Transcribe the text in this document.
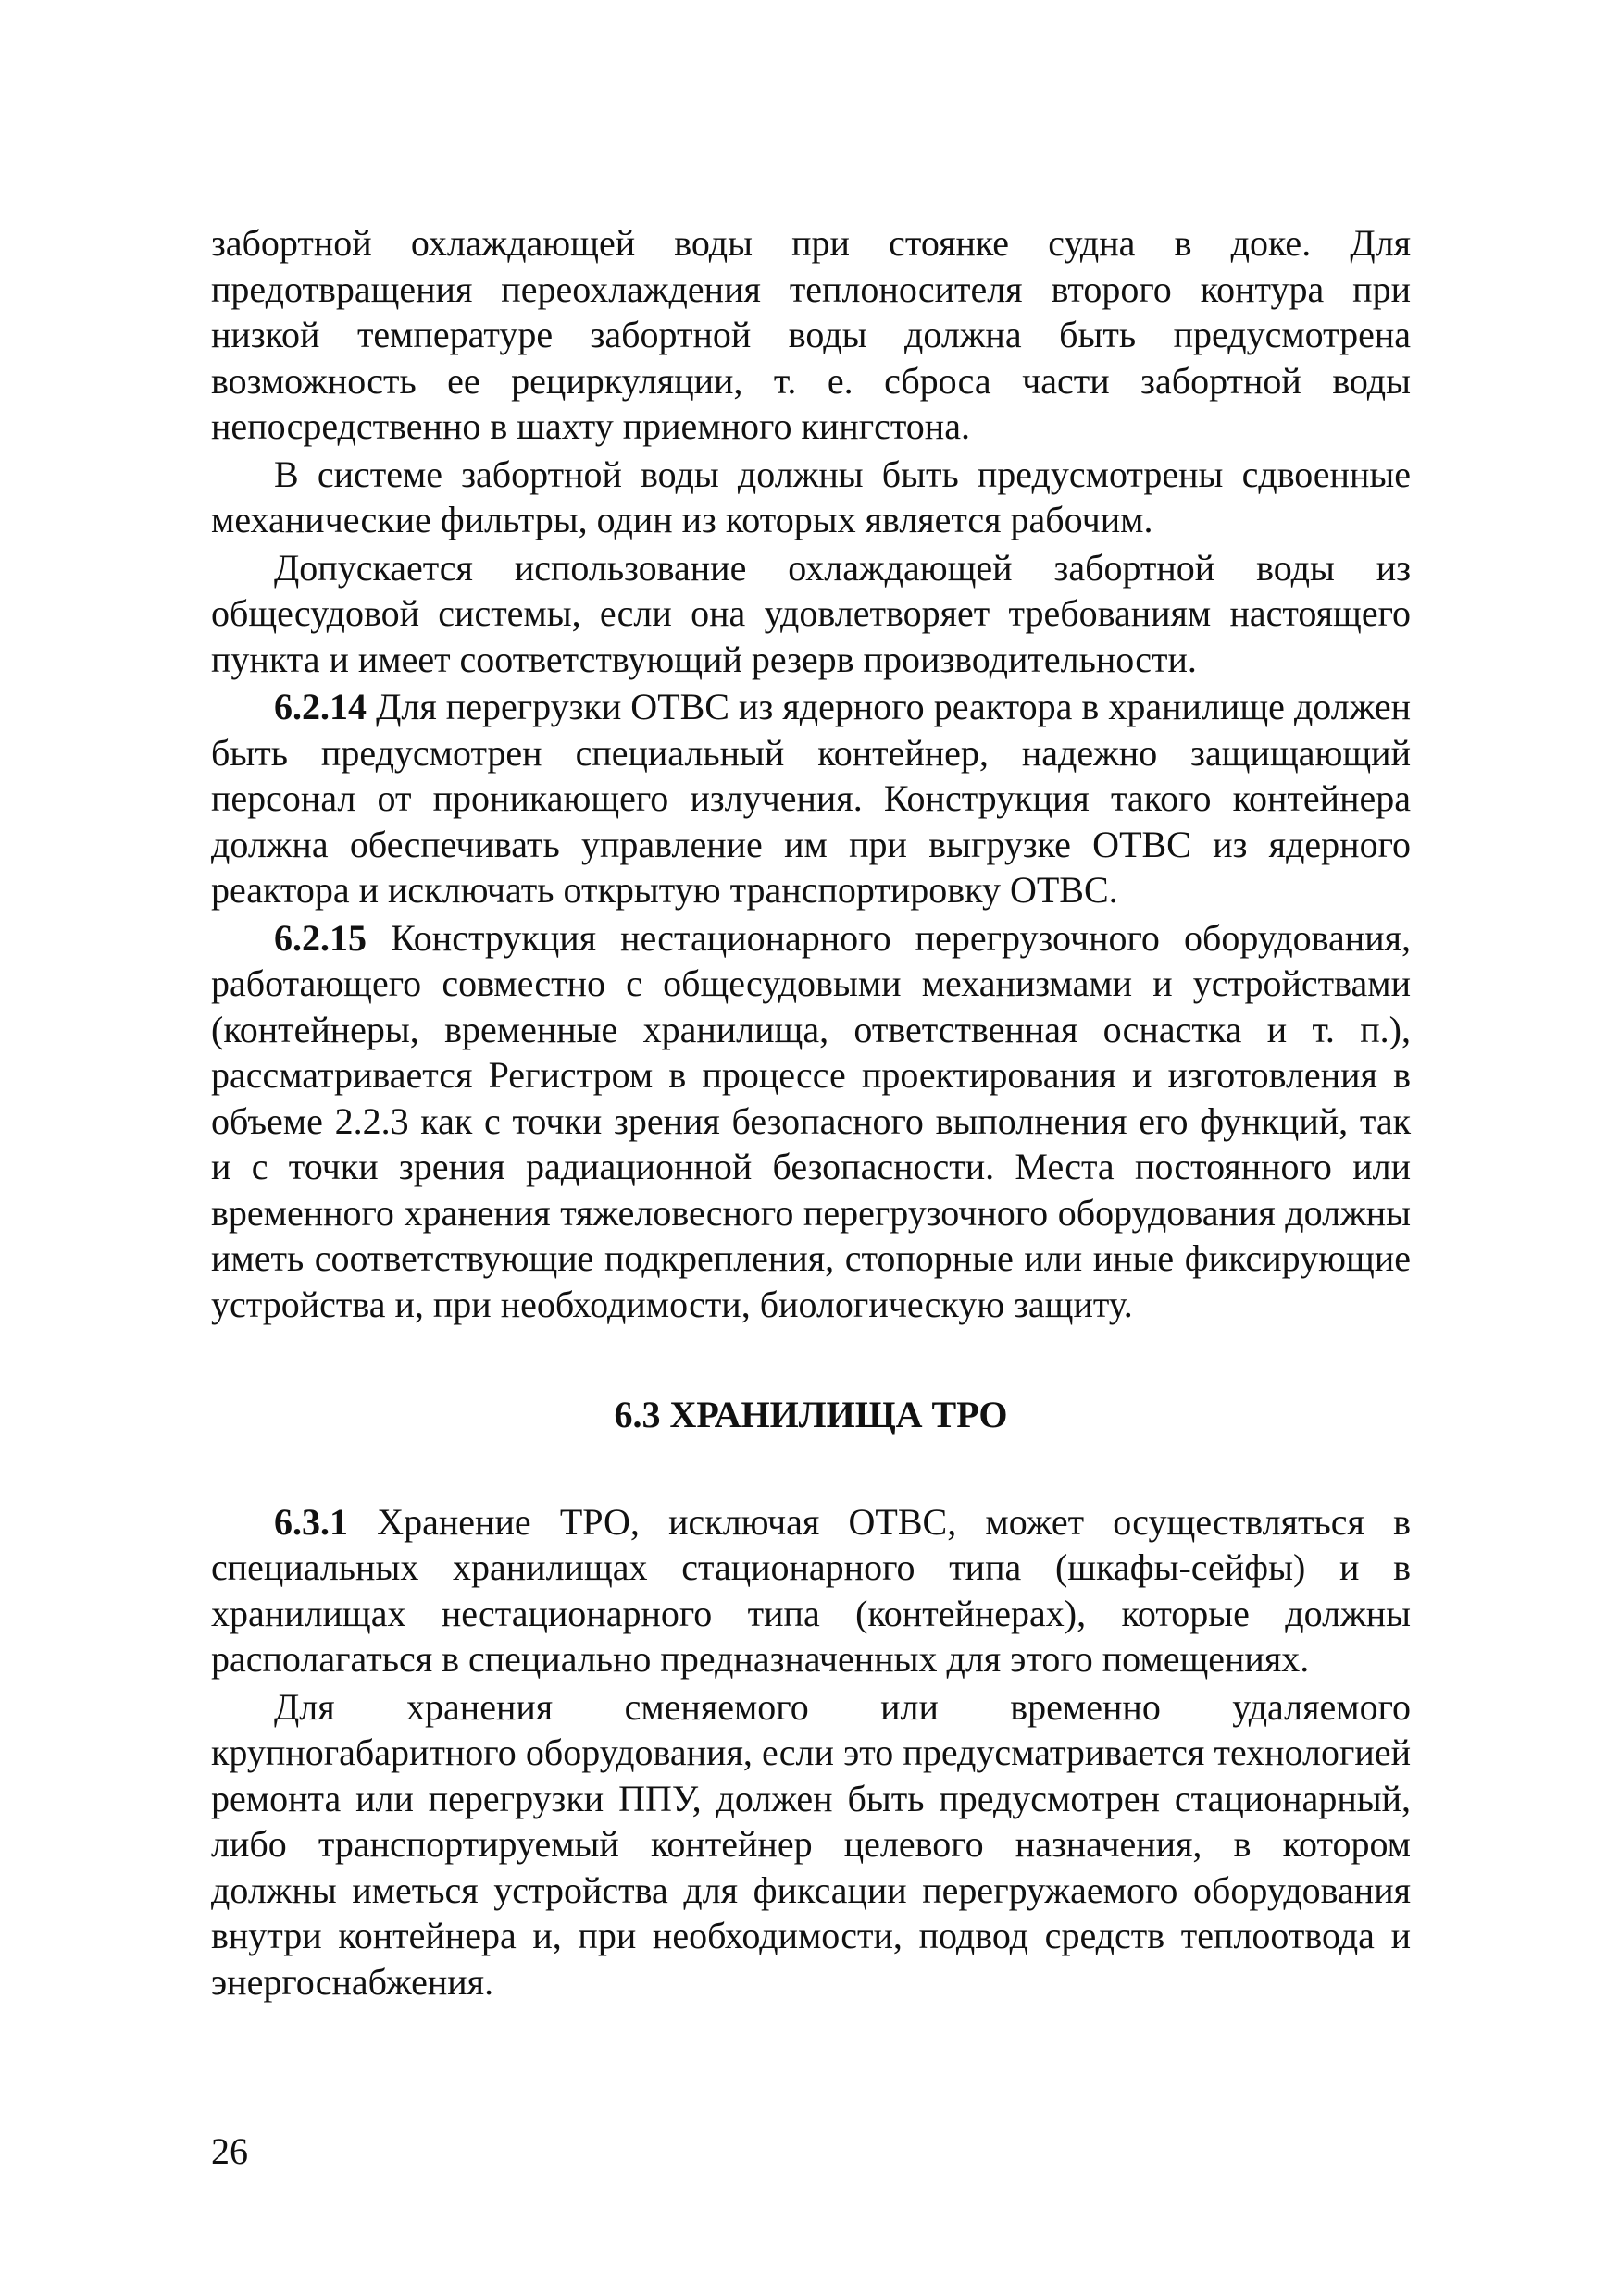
забортной охлаждающей воды при стоянке судна в доке. Для предотвращения переохлаждения теплоносителя второго контура при низкой температуре забортной воды должна быть предусмотрена возможность ее рециркуляции, т. е. сброса части забортной воды непосредственно в шахту приемного кингстона.

В системе забортной воды должны быть предусмотрены сдвоенные механические фильтры, один из которых является рабочим.

Допускается использование охлаждающей забортной воды из общесудовой системы, если она удовлетворяет требованиям настоящего пункта и имеет соответствующий резерв производительности.

6.2.14 Для перегрузки ОТВС из ядерного реактора в хранилище должен быть предусмотрен специальный контейнер, надежно защищающий персонал от проникающего излучения. Конструкция такого контейнера должна обеспечивать управление им при выгрузке ОТВС из ядерного реактора и исключать открытую транспортировку ОТВС.

6.2.15 Конструкция нестационарного перегрузочного оборудования, работающего совместно с общесудовыми механизмами и устройствами (контейнеры, временные хранилища, ответственная оснастка и т. п.), рассматривается Регистром в процессе проектирования и изготовления в объеме 2.2.3 как с точки зрения безопасного выполнения его функций, так и с точки зрения радиационной безопасности. Места постоянного или временного хранения тяжеловесного перегрузочного оборудования должны иметь соответствующие подкрепления, стопорные или иные фиксирующие устройства и, при необходимости, биологическую защиту.

6.3 ХРАНИЛИЩА ТРО

6.3.1 Хранение ТРО, исключая ОТВС, может осуществляться в специальных хранилищах стационарного типа (шкафы-сейфы) и в хранилищах нестационарного типа (контейнерах), которые должны располагаться в специально предназначенных для этого помещениях.

Для хранения сменяемого или временно удаляемого крупногабаритного оборудования, если это предусматривается технологией ремонта или перегрузки ППУ, должен быть предусмотрен стационарный, либо транспортируемый контейнер целевого назначения, в котором должны иметься устройства для фиксации перегружаемого оборудования внутри контейнера и, при необходимости, подвод средств теплоотвода и энергоснабжения.

26
